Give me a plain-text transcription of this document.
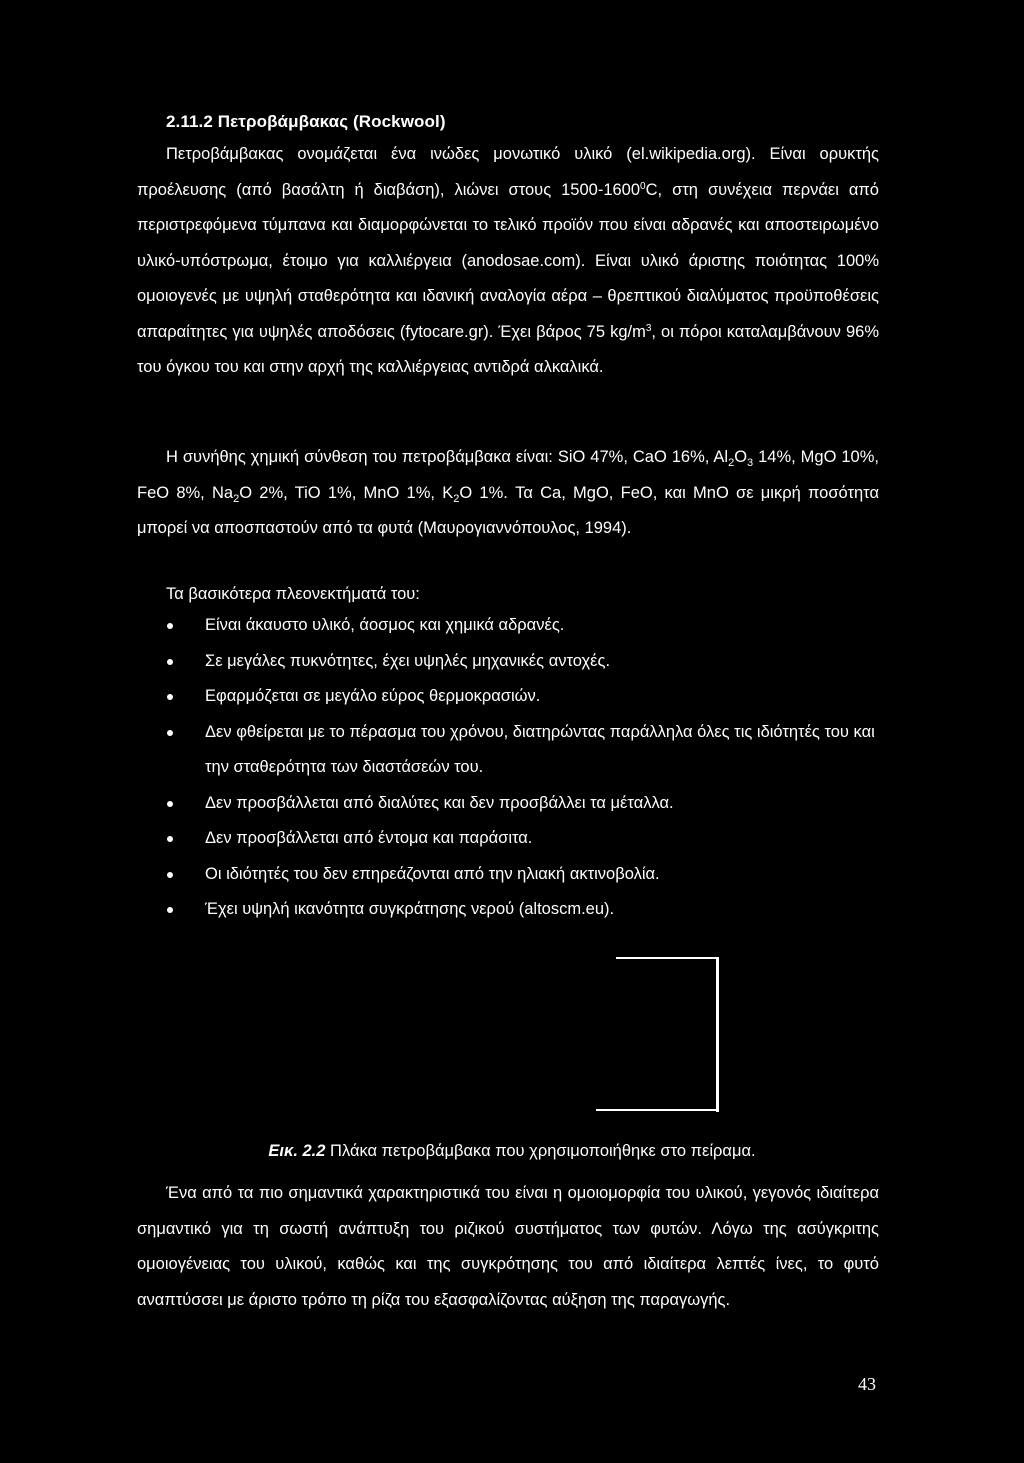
2.11.2 Πετροβάμβακας (Rockwool)
Πετροβάμβακας ονομάζεται ένα ινώδες μονωτικό υλικό (el.wikipedia.org). Είναι ορυκτής προέλευσης (από βασάλτη ή διαβάση), λιώνει στους 1500-1600$^0$C, στη συνέχεια περνάει από περιστρεφόμενα τύμπανα και διαμορφώνεται το τελικό προϊόν που είναι αδρανές και αποστειρωμένο υλικό-υπόστρωμα, έτοιμο για καλλιέργεια (anodosae.com). Είναι υλικό άριστης ποιότητας 100% ομοιογενές με υψηλή σταθερότητα και ιδανική αναλογία αέρα – θρεπτικού διαλύματος προϋποθέσεις απαραίτητες για υψηλές αποδόσεις (fytocare.gr). Έχει βάρος 75 $kg/m^3$, οι πόροι καταλαμβάνουν 96% του όγκου του και στην αρχή της καλλιέργειας αντιδρά αλκαλικά.
Η συνήθης χημική σύνθεση του πετροβάμβακα είναι: SiO 47%, CaO 16%, $Al_2O_3$ 14%, MgO 10%, FeO 8%, $Na_2O$ 2%, TiO 1%, MnO 1%, $K_2O$ 1%. Τα Ca, MgO, FeO, και MnO σε μικρή ποσότητα μπορεί να αποσπαστούν από τα φυτά (Μαυρογιαννόπουλος, 1994).
Τα βασικότερα πλεονεκτήματά του:
Είναι άκαυστο υλικό, άοσμος και χημικά αδρανές.
Σε μεγάλες πυκνότητες, έχει υψηλές μηχανικές αντοχές.
Εφαρμόζεται σε μεγάλο εύρος θερμοκρασιών.
Δεν φθείρεται με το πέρασμα του χρόνου, διατηρώντας παράλληλα όλες τις ιδιότητές του και την σταθερότητα των διαστάσεών του.
Δεν προσβάλλεται από διαλύτες και δεν προσβάλλει τα μέταλλα.
Δεν προσβάλλεται από έντομα και παράσιτα.
Οι ιδιότητές του δεν επηρεάζονται από την ηλιακή ακτινοβολία.
Έχει υψηλή ικανότητα συγκράτησης νερού (altoscm.eu).
Εικ. 2.2 Πλάκα πετροβάμβακα που χρησιμοποιήθηκε στο πείραμα.
Ένα από τα πιο σημαντικά χαρακτηριστικά του είναι η ομοιομορφία του υλικού, γεγονός ιδιαίτερα σημαντικό για τη σωστή ανάπτυξη του ριζικού συστήματος των φυτών. Λόγω της ασύγκριτης ομοιογένειας του υλικού, καθώς και της συγκρότησης του από ιδιαίτερα λεπτές ίνες, το φυτό αναπτύσσει με άριστο τρόπο τη ρίζα του εξασφαλίζοντας αύξηση της παραγωγής.
43
